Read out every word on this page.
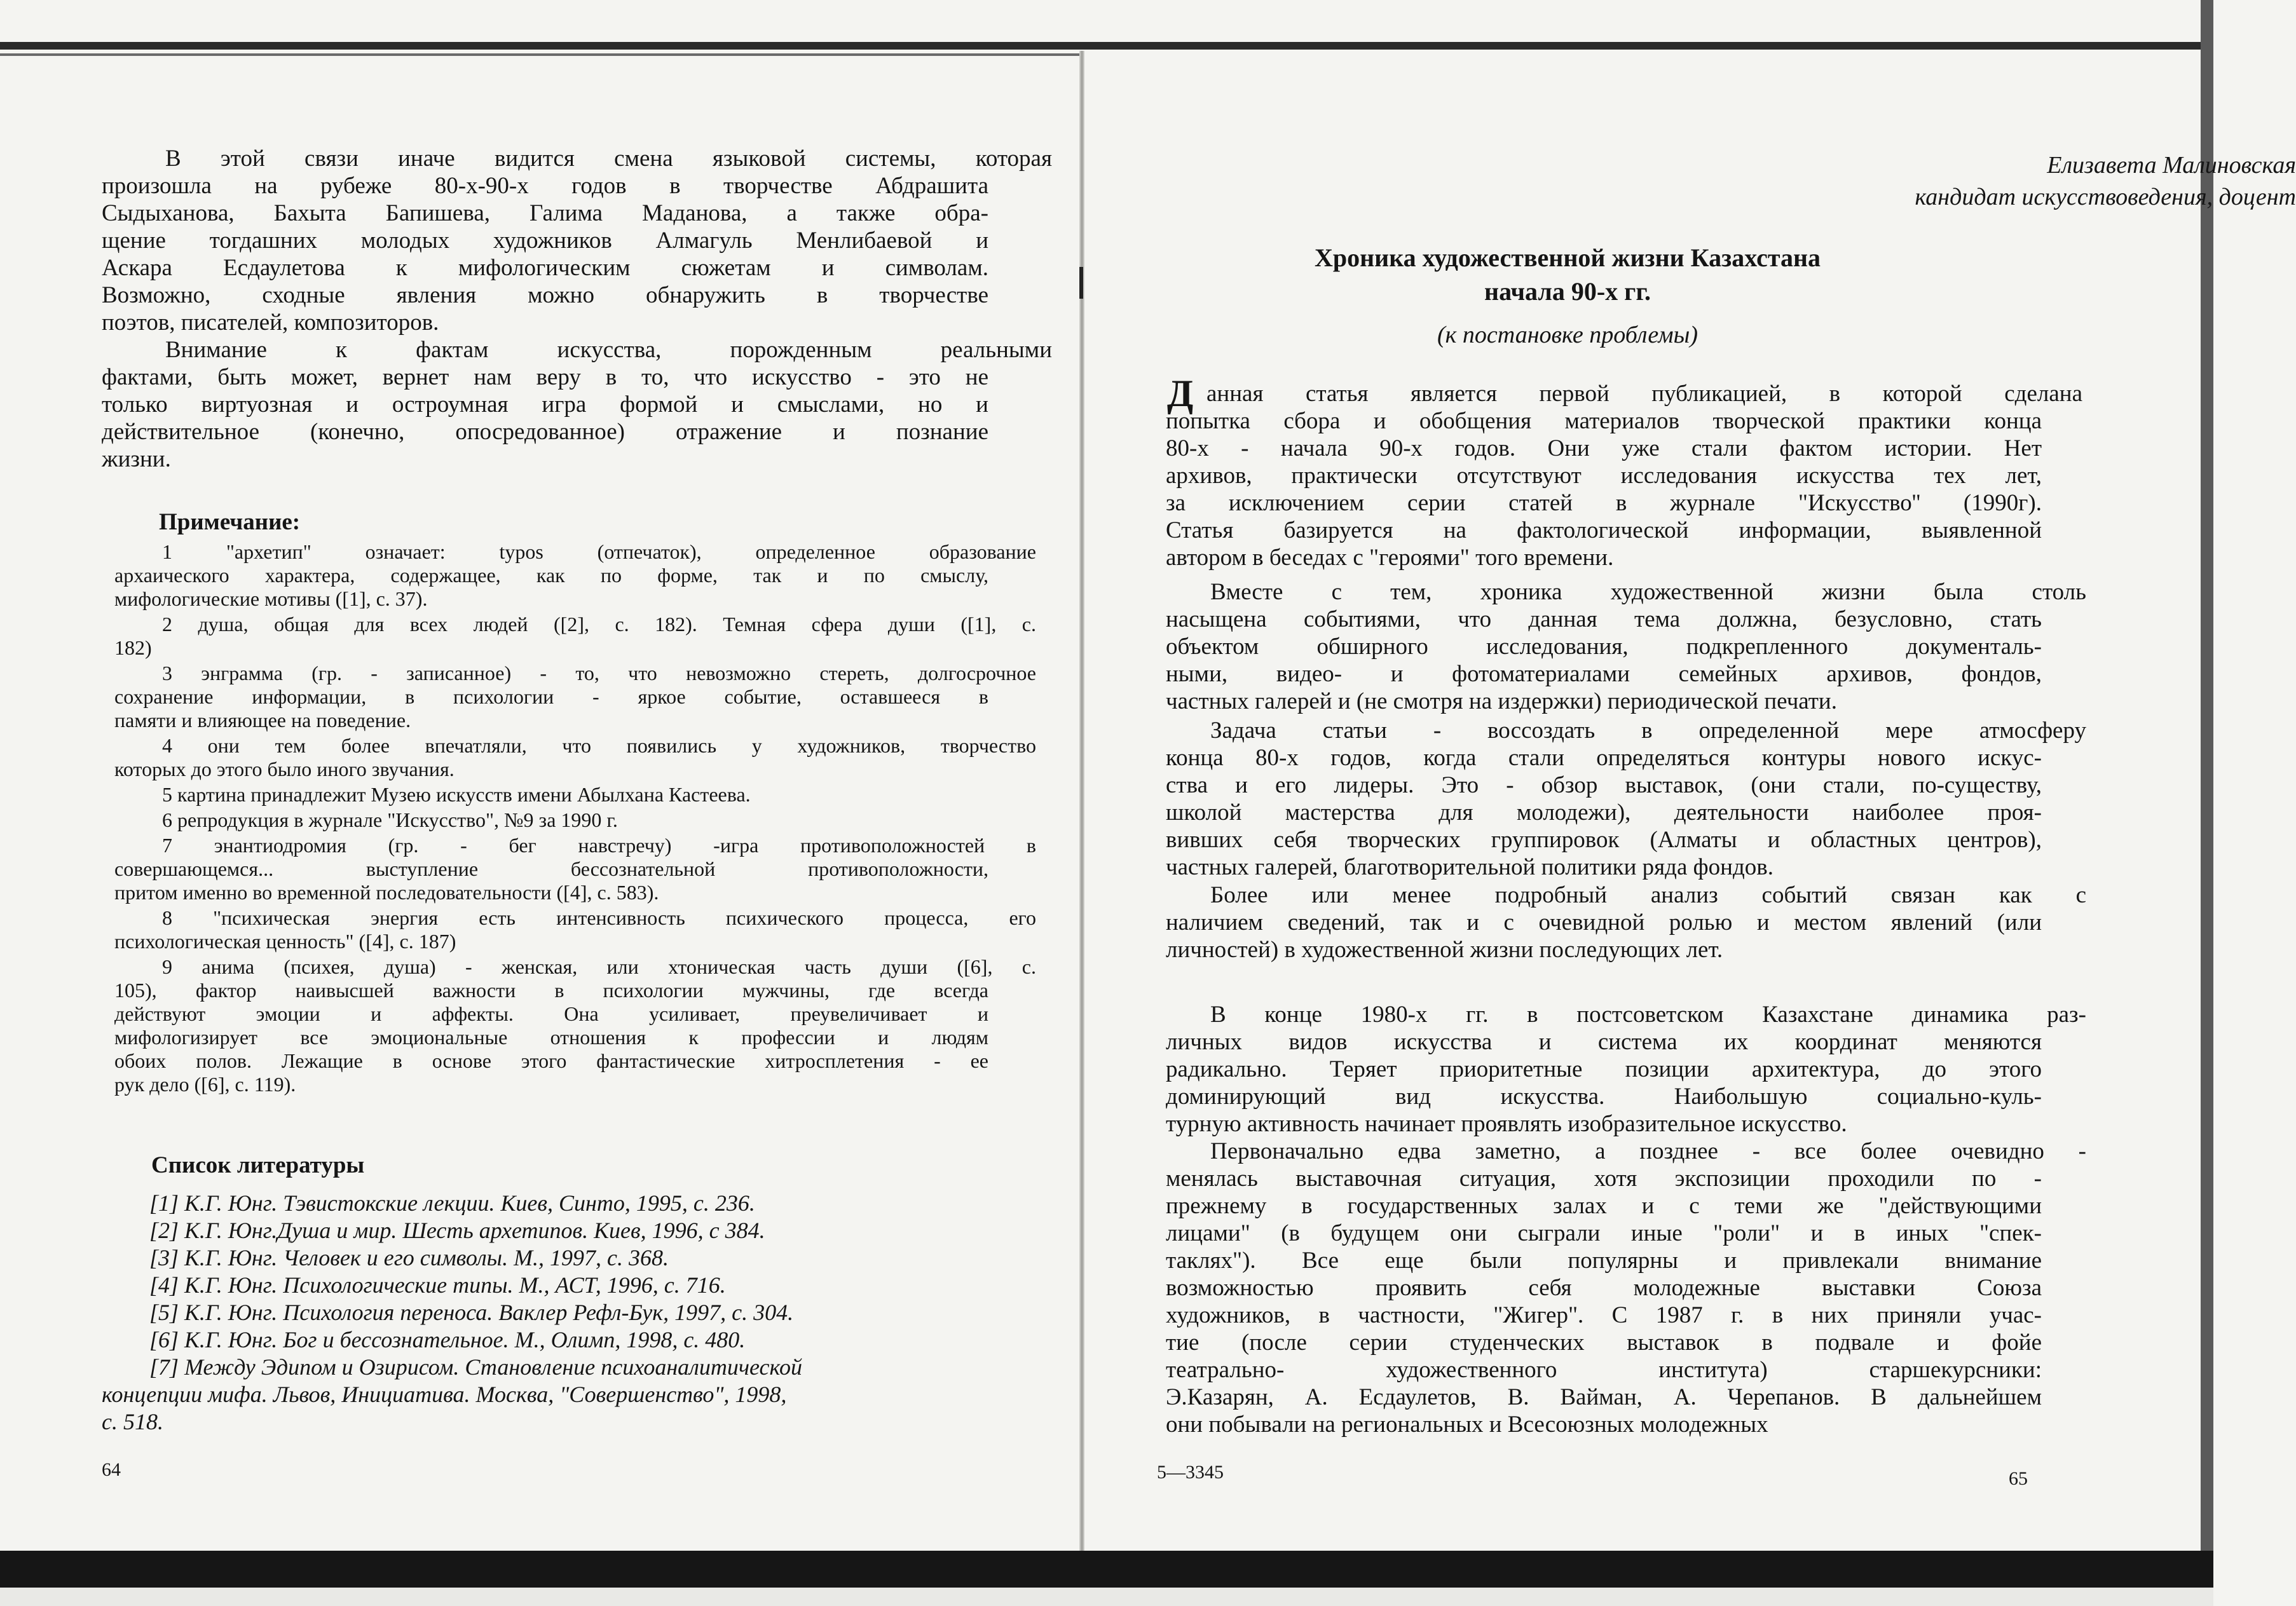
В этой связи иначе видится смена языковой системы, которая

произошла на рубеже 80-х-90-х годов в творчестве Абдрашита

Сыдыханова, Бахыта Бапишева, Галима Маданова, а также обра-

щение тогдашних молодых художников Алмагуль Менлибаевой и

Аскара Есдаулетова к мифологическим сюжетам и символам.

Возможно, сходные явления можно обнаружить в творчестве

поэтов, писателей, композиторов.

Внимание к фактам искусства, порожденным реальными

фактами, быть может, вернет нам веру в то, что искусство - это не

только виртуозная и остроумная игра формой и смыслами, но и

действительное (конечно, опосредованное) отражение и познание

жизни.

Примечание:

1 "архетип" означает: typos (отпечаток), определенное образование

архаического характера, содержащее, как по форме, так и по смыслу,

мифологические мотивы ([1], с. 37).

2 душа, общая для всех людей ([2], с. 182). Темная сфера души ([1], с.

182)

3 энграмма (гр. - записанное) - то, что невозможно стереть, долгосрочное

сохранение информации, в психологии - яркое событие, оставшееся в

памяти и влияющее на поведение.

4 они тем более впечатляли, что появились у художников, творчество

которых до этого было иного звучания.

5 картина принадлежит Музею искусств имени Абылхана Кастеева.

6 репродукция в журнале "Искусство", №9 за 1990 г.

7 энантиодромия (гр. - бег навстречу) -игра противоположностей в

совершающемся... выступление бессознательной противоположности,

притом именно во временной последовательности ([4], с. 583).

8 "психическая энергия есть интенсивность психического процесса, его

психологическая ценность" ([4], с. 187)

9 анима (психея, душа) - женская, или хтоническая часть души ([6], с.

105), фактор наивысшей важности в психологии мужчины, где всегда

действуют эмоции и аффекты. Она усиливает, преувеличивает и

мифологизирует все эмоциональные отношения к профессии и людям

обоих полов. Лежащие в основе этого фантастические хитросплетения - ее

рук дело ([6], с. 119).

Список литературы

[1] К.Г. Юнг. Тэвистокские лекции. Киев, Синто, 1995, с. 236.

[2] К.Г. Юнг.Душа и мир. Шесть архетипов. Киев, 1996, с 384.

[3] К.Г. Юнг. Человек и его символы. М., 1997, с. 368.

[4] К.Г. Юнг. Психологические типы. М., АСТ, 1996, с. 716.

[5] К.Г. Юнг. Психология переноса. Ваклер Рефл-Бук, 1997, с. 304.

[6] К.Г. Юнг. Бог и бессознательное. М., Олимп, 1998, с. 480.

[7] Между Эдипом и Озирисом. Становление психоаналитической

концепции мифа. Львов, Инициатива. Москва, "Совершенство", 1998,

с. 518.

64

Елизавета Малиновская

кандидат искусствоведения, доцент

Хроника художественной жизни Казахстана

начала 90-х гг.

(к постановке проблемы)

Д
5—3345	65

анная статья является первой публикацией, в которой сделана

попытка сбора и обобщения материалов творческой практики конца

80-х - начала 90-х годов. Они уже стали фактом истории. Нет

архивов, практически отсутствуют исследования искусства тех лет,

за исключением серии статей в журнале "Искусство'' (1990г).

Статья базируется на фактологической информации, выявленной

автором в беседах с "героями" того времени.

Вместе с тем, хроника художественной жизни была столь

насыщена событиями, что данная тема должна, безусловно, стать

объектом обширного исследования, подкрепленного документаль-

ными, видео- и фотоматериалами семейных архивов, фондов,

частных галерей и (не смотря на издержки) периодической печати.

Задача статьи - воссоздать в определенной мере атмосферу

конца 80-х годов, когда стали определяться контуры нового искус-

ства и его лидеры. Это - обзор выставок, (они стали, по-существу,

школой мастерства для молодежи), деятельности наиболее проя-

вивших себя творческих группировок (Алматы и областных центров),

частных галерей, благотворительной политики ряда фондов.

Более или менее подробный анализ событий связан как с

наличием сведений, так и с очевидной ролью и местом явлений (или

личностей) в художественной жизни последующих лет.

В конце 1980-х гг. в постсоветском Казахстане динамика раз-

личных видов искусства и система их координат меняются

радикально. Теряет приоритетные позиции архитектура, до этого

доминирующий вид искусства. Наибольшую социально-куль-

турную активность начинает проявлять изобразительное искусство.

Первоначально едва заметно, а позднее - все более очевидно -

менялась выставочная ситуация, хотя экспозиции проходили по -

прежнему в государственных залах и с теми же "действующими

лицами" (в будущем они сыграли иные "роли" и в иных "спек-

таклях"). Все еще были популярны и привлекали внимание

возможностью проявить себя молодежные выставки Союза

художников, в частности, "Жигер". С 1987 г. в них приняли учас-

тие (после серии студенческих выставок в подвале и фойе

театрально- художественного института) старшекурсники:

Э.Казарян, А. Есдаулетов, В. Вайман, А. Черепанов. В дальнейшем

они побывали на региональных и Всесоюзных молодежных
